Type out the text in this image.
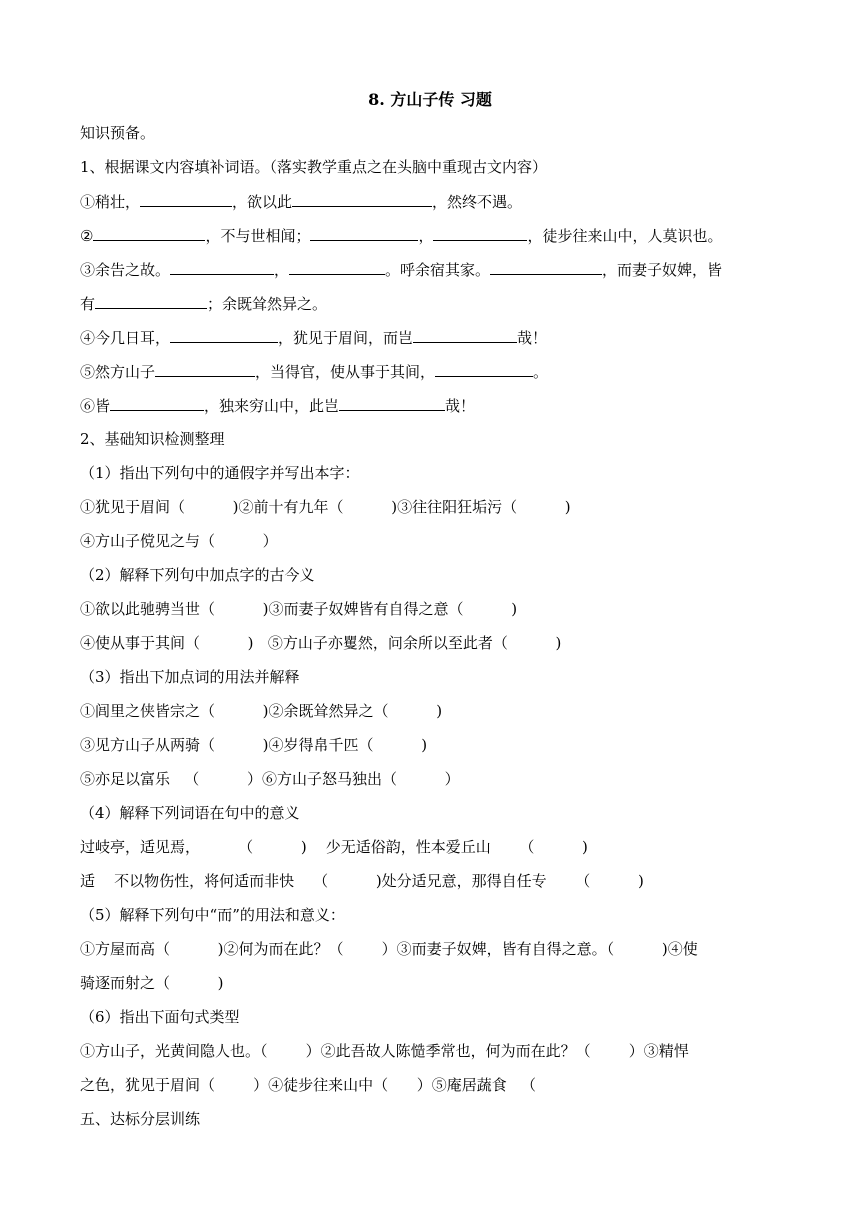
8. 方山子传 习题
知识预备。
1、根据课文内容填补词语。（落实教学重点之在头脑中重现古文内容）
①稍壮，	，欲以此	，然终不遇。
②	，不与世相闻；	，	，徒步往来山中，人莫识也。
③余告之故。	，	。呼余宿其家。	，而妻子奴婢，皆
有	；余既耸然异之。
④今几日耳，	，犹见于眉间，而岂	哉！
⑤然方山子	，当得官，使从事于其间，	。
⑥皆	，独来穷山中，此岂	哉！
2、基础知识检测整理
（1）指出下列句中的通假字并写出本字：
①犹见于眉间（          )②前十有九年（          )③往往阳狂垢污（          )
④方山子傥见之与（          ）
（2）解释下列句中加点字的古今义
①欲以此驰骋当世（          )③而妻子奴婢皆有自得之意（          )
④使从事于其间（          )   ⑤方山子亦矍然，问余所以至此者（          )
（3）指出下加点词的用法并解释
①闾里之侠皆宗之（          )②余既耸然异之（          )
③见方山子从两骑（          )④岁得帛千匹（          )
⑤亦足以富乐   （          ）⑥方山子怒马独出（          ）
（4）解释下列词语在句中的意义
过岐亭，适见焉，        （          )    少无适俗韵，性本爱丘山      （          )
适    不以物伤性，将何适而非快    （          )处分适兄意，那得自任专      （          )
（5）解释下列句中“而”的用法和意义：
①方屋而高（          )②何为而在此？（        ）③而妻子奴婢，皆有自得之意。（          )④使
骑逐而射之（          )
（6）指出下面句式类型
①方山子，光黄间隐人也。（        ）②此吾故人陈慥季常也，何为而在此？（        ）③精悍
之色，犹见于眉间（        ）④徒步往来山中（      ）⑤庵居蔬食   （
五、达标分层训练
